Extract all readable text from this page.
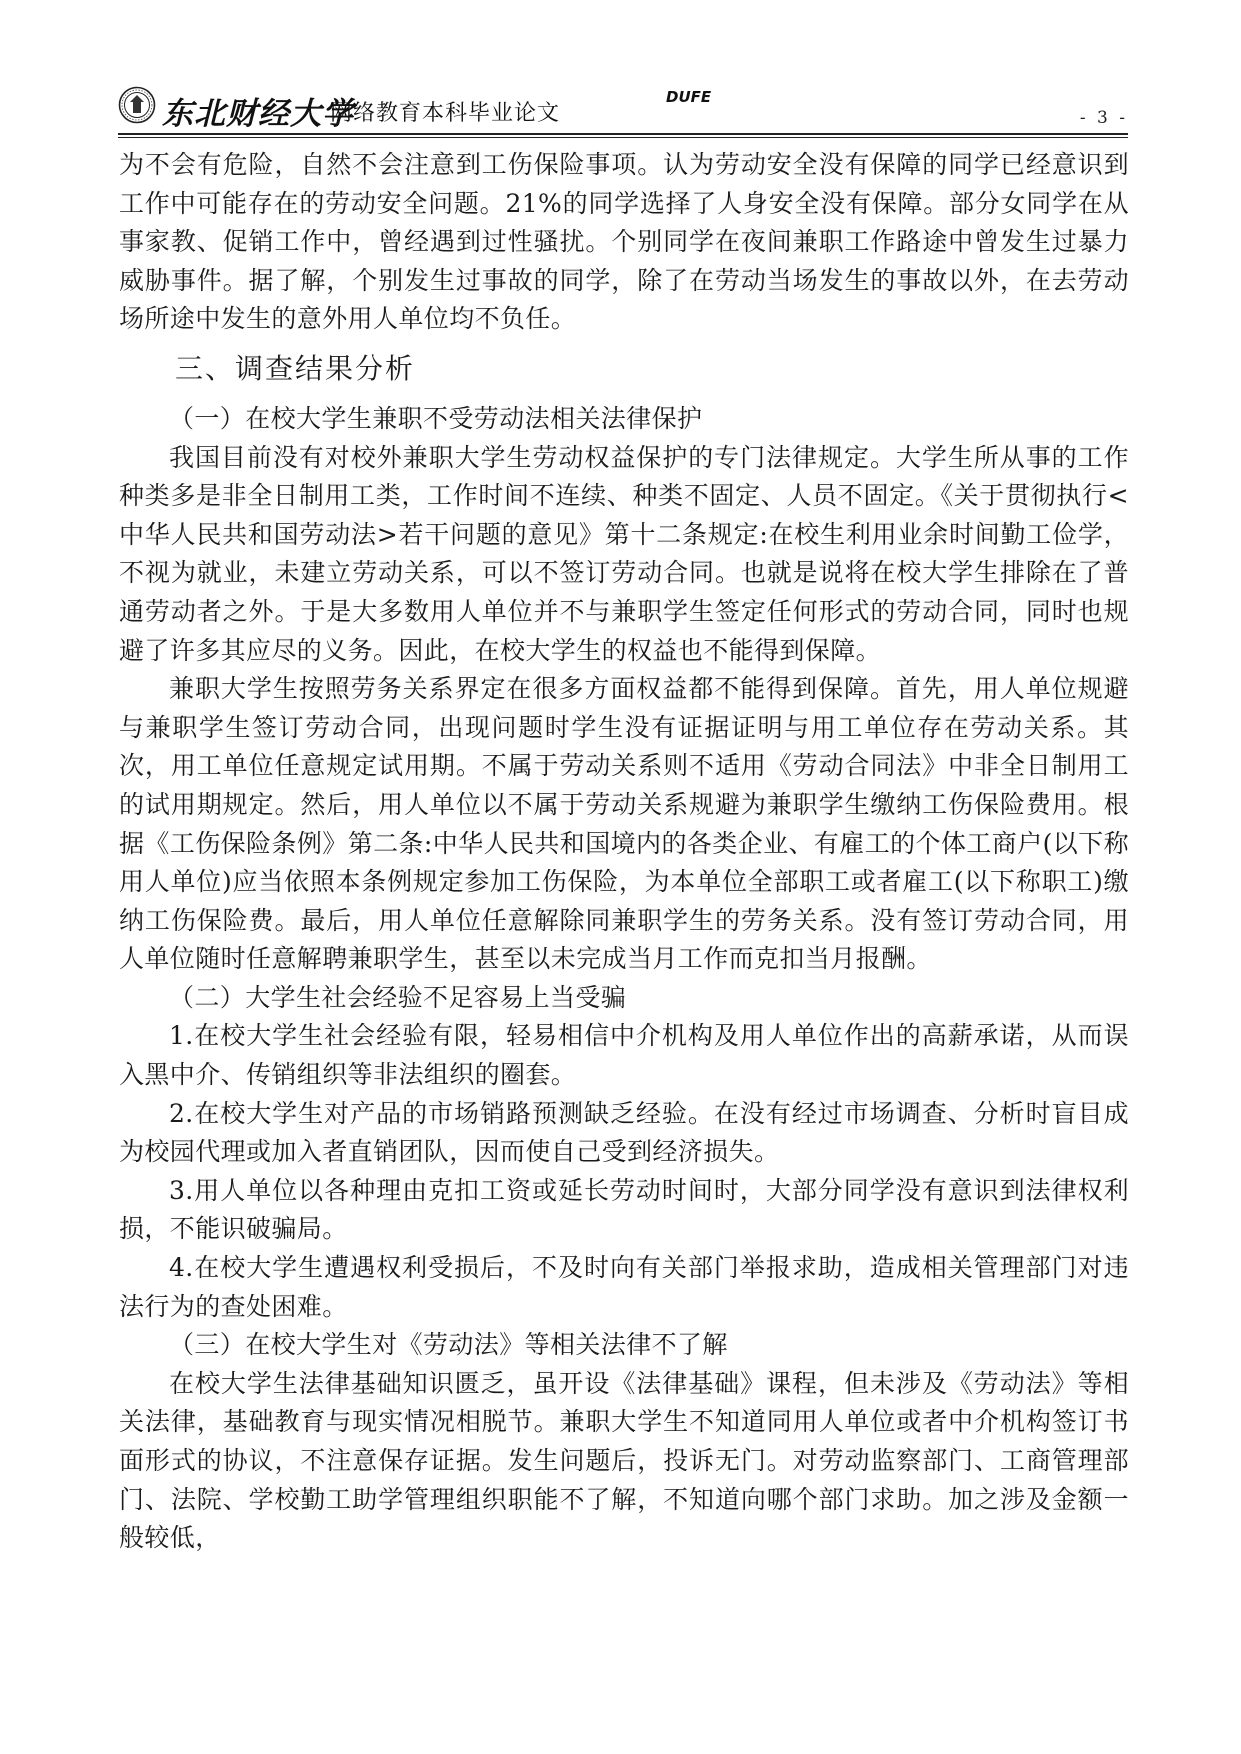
东北财经大学
网络教育本科毕业论文
DUFE
- 3 -

为不会有危险，自然不会注意到工伤保险事项。认为劳动安全没有保障的同学已经意识到工作中可能存在的劳动安全问题。21%的同学选择了人身安全没有保障。部分女同学在从事家教、促销工作中，曾经遇到过性骚扰。个别同学在夜间兼职工作路途中曾发生过暴力威胁事件。据了解，个别发生过事故的同学，除了在劳动当场发生的事故以外，在去劳动场所途中发生的意外用人单位均不负任。

三、调查结果分析

（一）在校大学生兼职不受劳动法相关法律保护

我国目前没有对校外兼职大学生劳动权益保护的专门法律规定。大学生所从事的工作种类多是非全日制用工类，工作时间不连续、种类不固定、人员不固定。《关于贯彻执行<中华人民共和国劳动法>若干问题的意见》第十二条规定:在校生利用业余时间勤工俭学，不视为就业，未建立劳动关系，可以不签订劳动合同。也就是说将在校大学生排除在了普通劳动者之外。于是大多数用人单位并不与兼职学生签定任何形式的劳动合同，同时也规避了许多其应尽的义务。因此，在校大学生的权益也不能得到保障。

兼职大学生按照劳务关系界定在很多方面权益都不能得到保障。首先，用人单位规避与兼职学生签订劳动合同，出现问题时学生没有证据证明与用工单位存在劳动关系。其次，用工单位任意规定试用期。不属于劳动关系则不适用《劳动合同法》中非全日制用工的试用期规定。然后，用人单位以不属于劳动关系规避为兼职学生缴纳工伤保险费用。根据《工伤保险条例》第二条:中华人民共和国境内的各类企业、有雇工的个体工商户(以下称用人单位)应当依照本条例规定参加工伤保险，为本单位全部职工或者雇工(以下称职工)缴纳工伤保险费。最后，用人单位任意解除同兼职学生的劳务关系。没有签订劳动合同，用人单位随时任意解聘兼职学生，甚至以未完成当月工作而克扣当月报酬。

（二）大学生社会经验不足容易上当受骗

1.在校大学生社会经验有限，轻易相信中介机构及用人单位作出的高薪承诺，从而误入黑中介、传销组织等非法组织的圈套。

2.在校大学生对产品的市场销路预测缺乏经验。在没有经过市场调查、分析时盲目成为校园代理或加入者直销团队，因而使自己受到经济损失。

3.用人单位以各种理由克扣工资或延长劳动时间时，大部分同学没有意识到法律权利损，不能识破骗局。

4.在校大学生遭遇权利受损后，不及时向有关部门举报求助，造成相关管理部门对违法行为的查处困难。

（三）在校大学生对《劳动法》等相关法律不了解

在校大学生法律基础知识匮乏，虽开设《法律基础》课程，但未涉及《劳动法》等相关法律，基础教育与现实情况相脱节。兼职大学生不知道同用人单位或者中介机构签订书面形式的协议，不注意保存证据。发生问题后，投诉无门。对劳动监察部门、工商管理部门、法院、学校勤工助学管理组织职能不了解，不知道向哪个部门求助。加之涉及金额一般较低，
